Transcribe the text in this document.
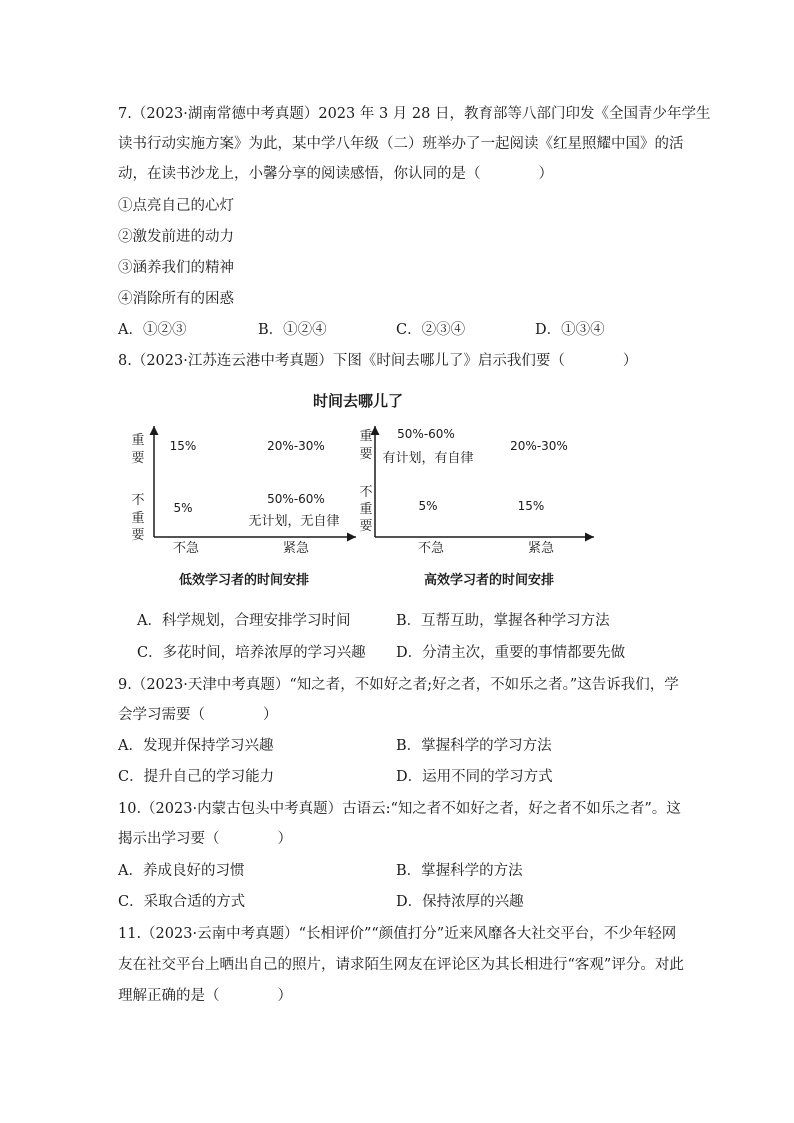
7.（2023·湖南常德中考真题）2023 年 3 月 28 日，教育部等八部门印发《全国青少年学生
读书行动实施方案》为此，某中学八年级（二）班举办了一起阅读《红星照耀中国》的活
动，在读书沙龙上，小馨分享的阅读感悟，你认同的是（　　　　）
①点亮自己的心灯
②激发前进的动力
③涵养我们的精神
④消除所有的困惑
A．①②③	B．①②④	C．②③④	D．①③④
8.（2023·江苏连云港中考真题）下图《时间去哪儿了》启示我们要（　　　　）
时间去哪儿了
重
要
不
重
要
不急	紧急
15%	20%-30%
5%
50%-60%
无计划，无自律
低效学习者的时间安排
重
要
不
重
要
不急	紧急
50%-60%
有计划，有自律
20%-30%
5%	15%
高效学习者的时间安排
A．科学规划，合理安排学习时间	B．互帮互助，掌握各种学习方法
C．多花时间，培养浓厚的学习兴趣 D．分清主次，重要的事情都要先做
9.（2023·天津中考真题）“知之者，不如好之者;好之者，不如乐之者。”这告诉我们，学
会学习需要（　　　　）
A．发现并保持学习兴趣	B．掌握科学的学习方法
C．提升自己的学习能力	D．运用不同的学习方式
10.（2023·内蒙古包头中考真题）古语云:“知之者不如好之者，好之者不如乐之者”。这
揭示出学习要（　　　　）
A．养成良好的习惯	B．掌握科学的方法
C．采取合适的方式	D．保持浓厚的兴趣
11.（2023·云南中考真题）“长相评价”“颜值打分”近来风靡各大社交平台，不少年轻网
友在社交平台上晒出自己的照片，请求陌生网友在评论区为其长相进行“客观”评分。对此
理解正确的是（　　　　）
